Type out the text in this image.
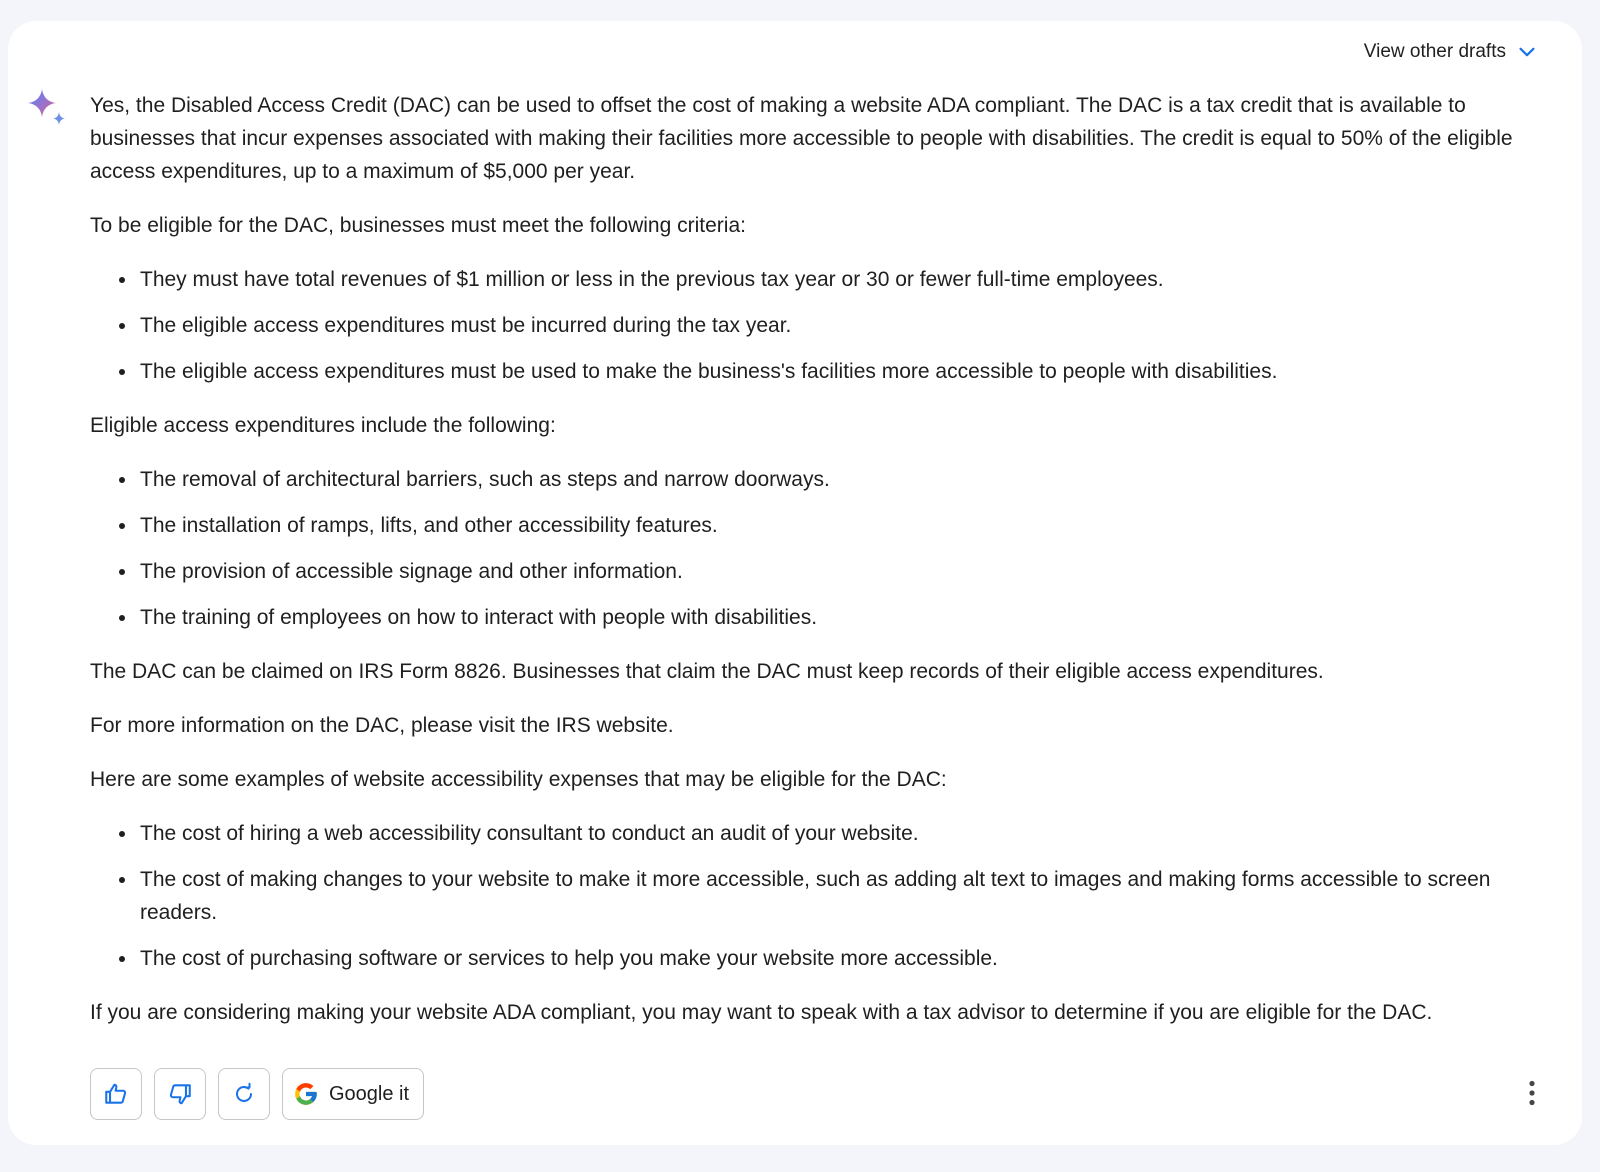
View other drafts

Yes, the Disabled Access Credit (DAC) can be used to offset the cost of making a website ADA compliant. The DAC is a tax credit that is available to businesses that incur expenses associated with making their facilities more accessible to people with disabilities. The credit is equal to 50% of the eligible access expenditures, up to a maximum of $5,000 per year.

To be eligible for the DAC, businesses must meet the following criteria:

• They must have total revenues of $1 million or less in the previous tax year or 30 or fewer full-time employees.
• The eligible access expenditures must be incurred during the tax year.
• The eligible access expenditures must be used to make the business's facilities more accessible to people with disabilities.

Eligible access expenditures include the following:

• The removal of architectural barriers, such as steps and narrow doorways.
• The installation of ramps, lifts, and other accessibility features.
• The provision of accessible signage and other information.
• The training of employees on how to interact with people with disabilities.

The DAC can be claimed on IRS Form 8826. Businesses that claim the DAC must keep records of their eligible access expenditures.

For more information on the DAC, please visit the IRS website.

Here are some examples of website accessibility expenses that may be eligible for the DAC:

• The cost of hiring a web accessibility consultant to conduct an audit of your website.
• The cost of making changes to your website to make it more accessible, such as adding alt text to images and making forms accessible to screen readers.
• The cost of purchasing software or services to help you make your website more accessible.

If you are considering making your website ADA compliant, you may want to speak with a tax advisor to determine if you are eligible for the DAC.

Google it
